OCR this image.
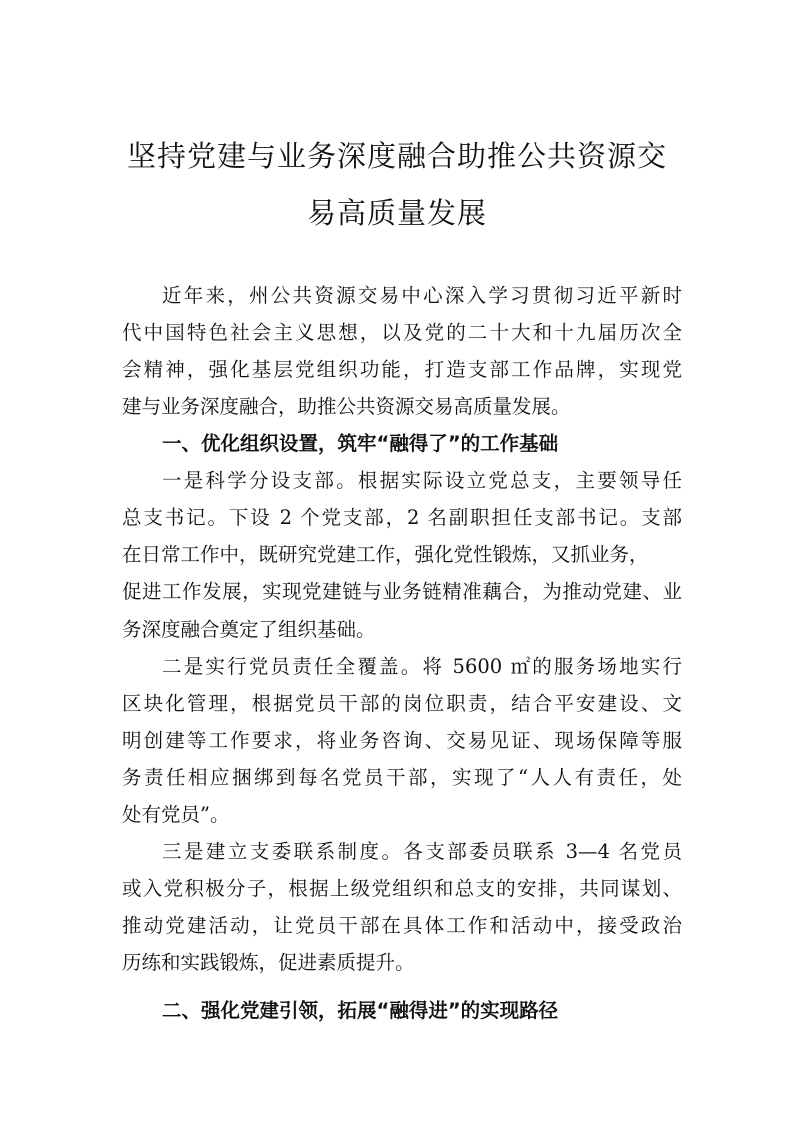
坚持党建与业务深度融合助推公共资源交
易高质量发展
近年来，州公共资源交易中心深入学习贯彻习近平新时
代中国特色社会主义思想，以及党的二十大和十九届历次全
会精神，强化基层党组织功能，打造支部工作品牌，实现党
建与业务深度融合，助推公共资源交易高质量发展。
一、优化组织设置，筑牢“融得了”的工作基础
一是科学分设支部。根据实际设立党总支，主要领导任
总支书记。下设 2 个党支部，2 名副职担任支部书记。支部
在日常工作中，既研究党建工作，强化党性锻炼，又抓业务，
促进工作发展，实现党建链与业务链精准藕合，为推动党建、业
务深度融合奠定了组织基础。
二是实行党员责任全覆盖。将 5600 ㎡的服务场地实行
区块化管理，根据党员干部的岗位职责，结合平安建设、文
明创建等工作要求，将业务咨询、交易见证、现场保障等服
务责任相应捆绑到每名党员干部，实现了“人人有责任，处
处有党员”。
三是建立支委联系制度。各支部委员联系 3—4 名党员
或入党积极分子，根据上级党组织和总支的安排，共同谋划、
推动党建活动，让党员干部在具体工作和活动中，接受政治
历练和实践锻炼，促进素质提升。
二、强化党建引领，拓展“融得进”的实现路径
